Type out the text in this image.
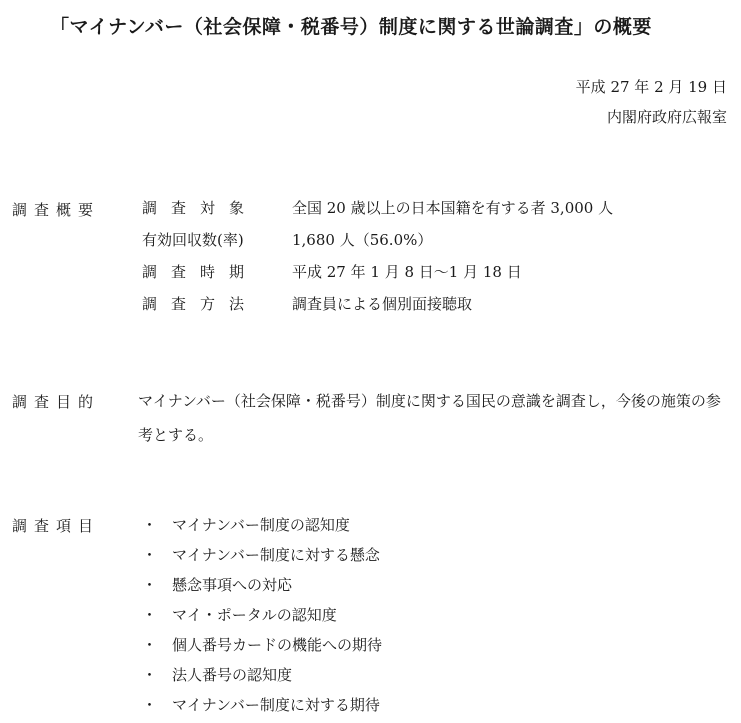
「マイナンバー（社会保障・税番号）制度に関する世論調査」の概要
平成 27 年 2 月 19 日
内閣府政府広報室
調査概要	調査対象 全国 20 歳以上の日本国籍を有する者 3,000 人
有効回収数(率)	1,680 人（56.0%）
調査時期 平成 27 年 1 月 8 日～1 月 18 日
調査方法 調査員による個別面接聴取
調査目的	マイナンバー（社会保障・税番号）制度に関する国民の意識を調査し，今後の施策の参考とする。
調査項目	・ マイナンバー制度の認知度
・ マイナンバー制度に対する懸念
・ 懸念事項への対応
・ マイ・ポータルの認知度
・ 個人番号カードの機能への期待
・ 法人番号の認知度
・ マイナンバー制度に対する期待
